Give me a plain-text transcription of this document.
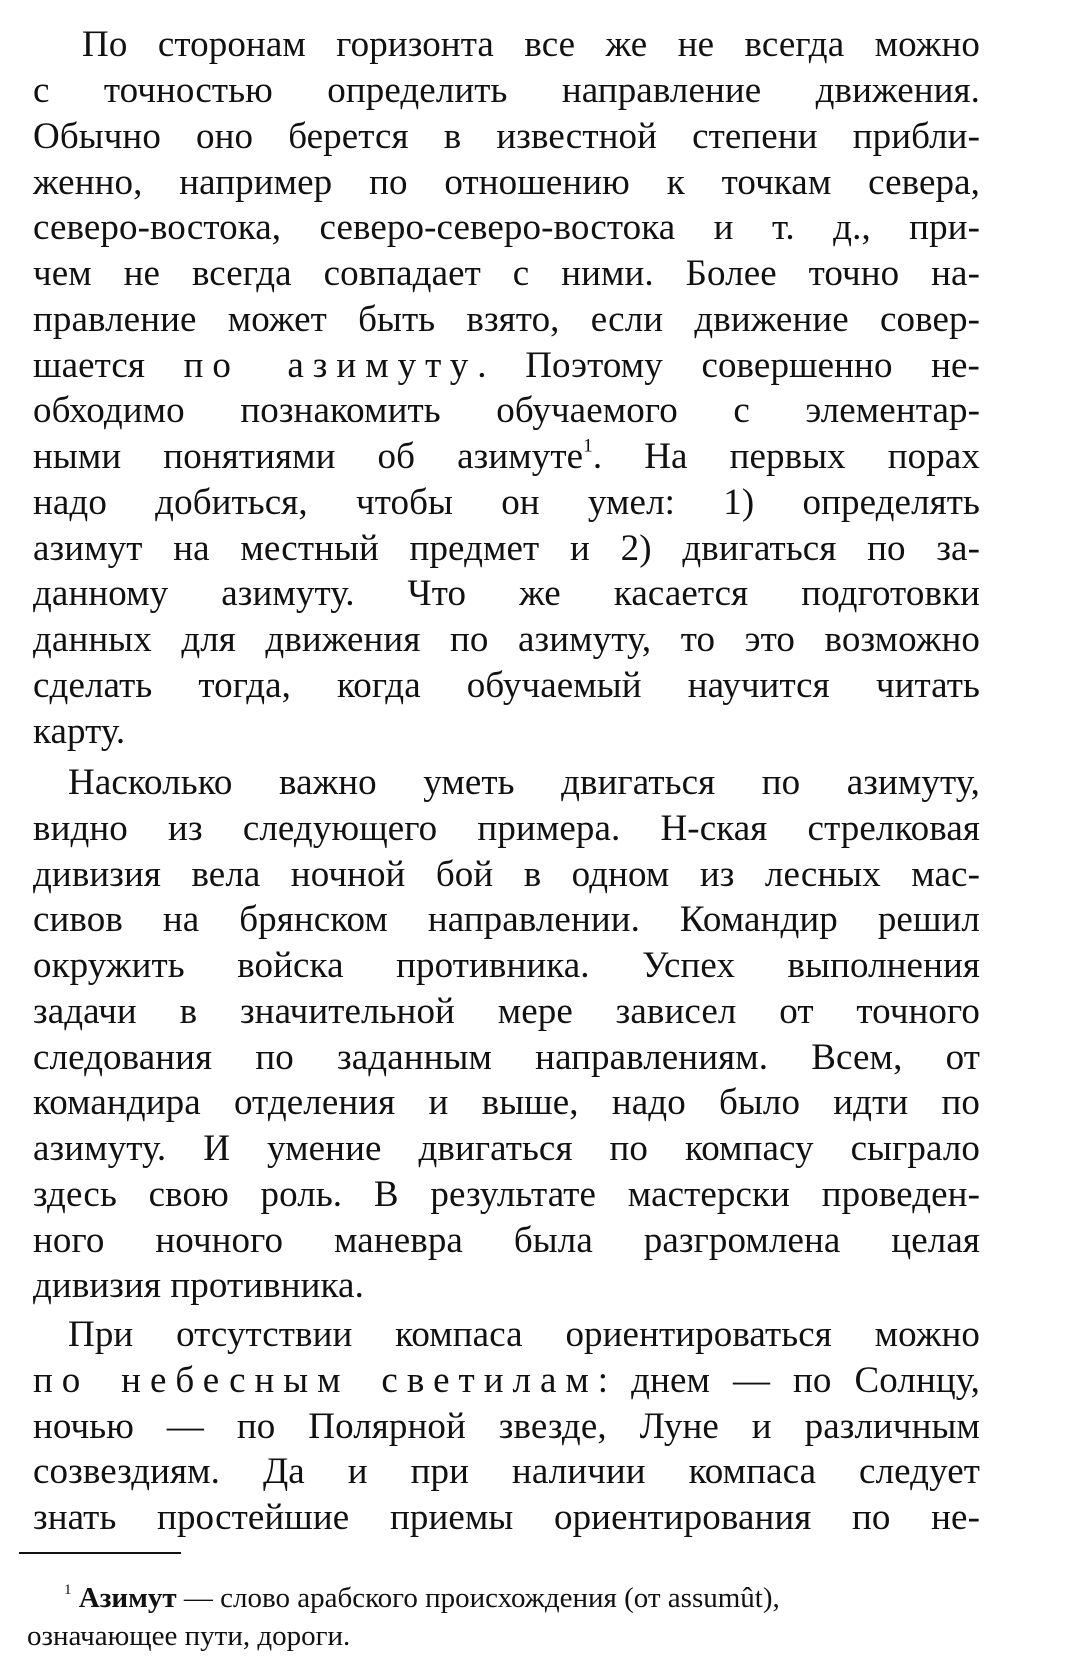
По сторонам горизонта все же не всегда можно

с точностью определить направление движения.

Обычно оно берется в известной степени прибли-

женно, например по отношению к точкам севера,

северо-востока, северо-северо-востока и т. д., при-

чем не всегда совпадает с ними. Более точно на-

правление может быть взято, если движение совер-

шается по азимуту. Поэтому совершенно не-

обходимо познакомить обучаемого с элементар-

ными понятиями об азимуте$^1$. На первых порах

надо добиться, чтобы он умел: 1) определять

азимут на местный предмет и 2) двигаться по за-

данному азимуту. Что же касается подготовки

данных для движения по азимуту, то это возможно

сделать тогда, когда обучаемый научится читать

карту.

Насколько важно уметь двигаться по азимуту,

видно из следующего примера. Н-ская стрелковая

дивизия вела ночной бой в одном из лесных мас-

сивов на брянском направлении. Командир решил

окружить войска противника. Успех выполнения

задачи в значительной мере зависел от точного

следования по заданным направлениям. Всем, от

командира отделения и выше, надо было идти по

азимуту. И умение двигаться по компасу сыграло

здесь свою роль. В результате мастерски проведен-

ного ночного маневра была разгромлена целая

дивизия противника.

При отсутствии компаса ориентироваться можно

по небесным светилам: днем — по Солнцу,

ночью — по Полярной звезде, Луне и различным

созвездиям. Да и при наличии компаса следует

знать простейшие приемы ориентирования по не-

$^1$ Азимут — слово арабского происхождения (от assumût),

означающее пути, дороги.
